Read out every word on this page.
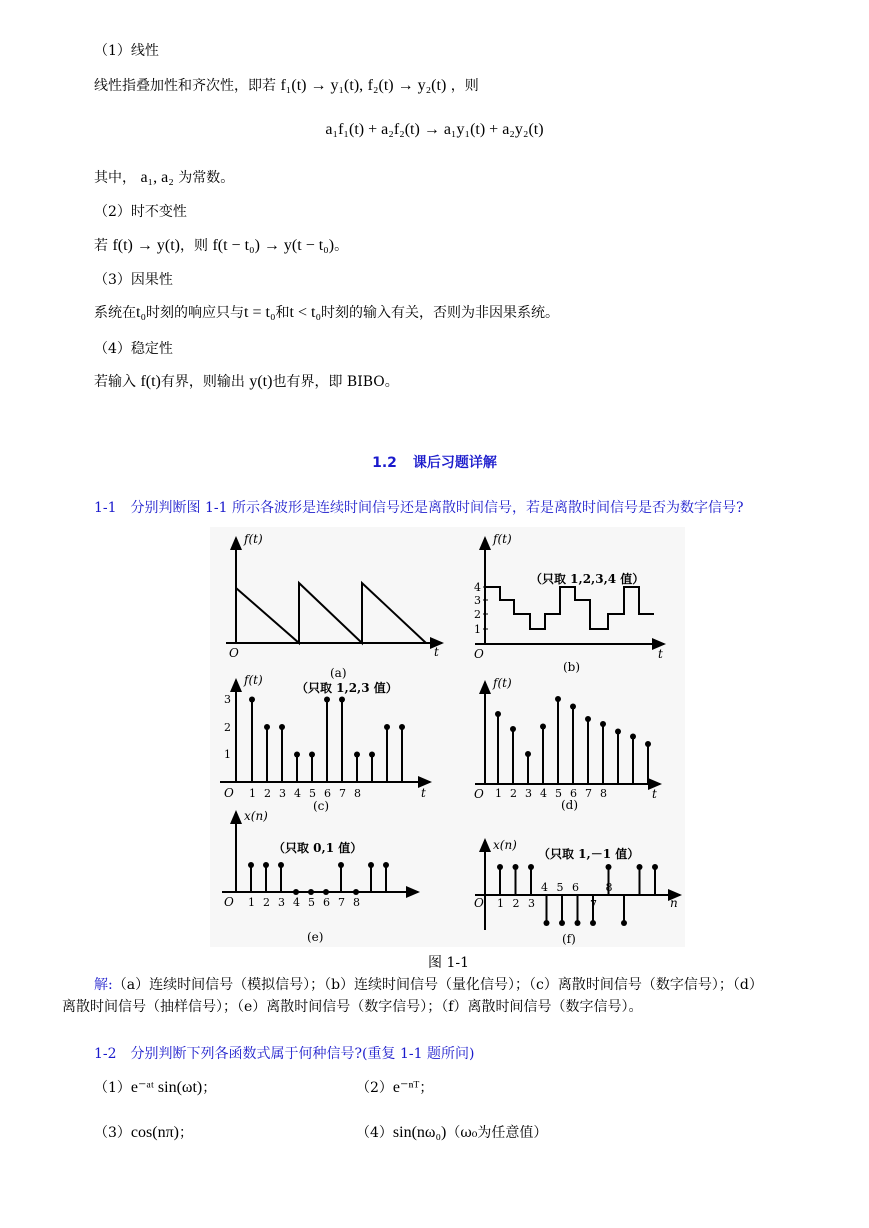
（1）线性
线性指叠加性和齐次性，即若 f₁(t) → y₁(t), f₂(t) → y₂(t) ，则
a₁f₁(t) + a₂f₂(t) → a₁y₁(t) + a₂y₂(t)
其中， a₁, a₂ 为常数。
（2）时不变性
若 f(t) → y(t)，则 f(t − t₀) → y(t − t₀)。
（3）因果性
系统在t₀时刻的响应只与t = t₀和t < t₀时刻的输入有关，否则为非因果系统。
（4）稳定性
若输入 f(t)有界，则输出 y(t)也有界，即 BIBO。
1.2 课后习题详解
1-1　分别判断图 1-1 所示各波形是连续时间信号还是离散时间信号，若是离散时间信号是否为数字信号?
f(t)
O	t
(a)
f(t)
（只取 1,2,3,4 值）
4
3
2
1
O	t
(b)
f(t)
（只取 1,2,3 值）
3
2
1
O 1 2 3 4 5 6 7 8	t
(c)
f(t)
O 1 2 3 4 5 6 7 8	t
(d)
x(n)
（只取 0,1 值）
O 1 2 3 4 5 6 7 8
(e)
x(n)
（只取 1,－1 值）
O 1 2 3
4 5 6 8
7	n
(f)
图 1-1
解:（a）连续时间信号（模拟信号）；（b）连续时间信号（量化信号）；（c）离散时间信号（数字信号）；（d）
离散时间信号（抽样信号）；（e）离散时间信号（数字信号）；（f）离散时间信号（数字信号）。
1-2　分别判断下列各函数式属于何种信号?(重复 1-1 题所问)
（1）e⁻ᵃᵗ sin(ωt)；	（2）e⁻ⁿᵀ；
（3）cos(nπ)；	（4）sin(nω₀)（ω₀为任意值）
